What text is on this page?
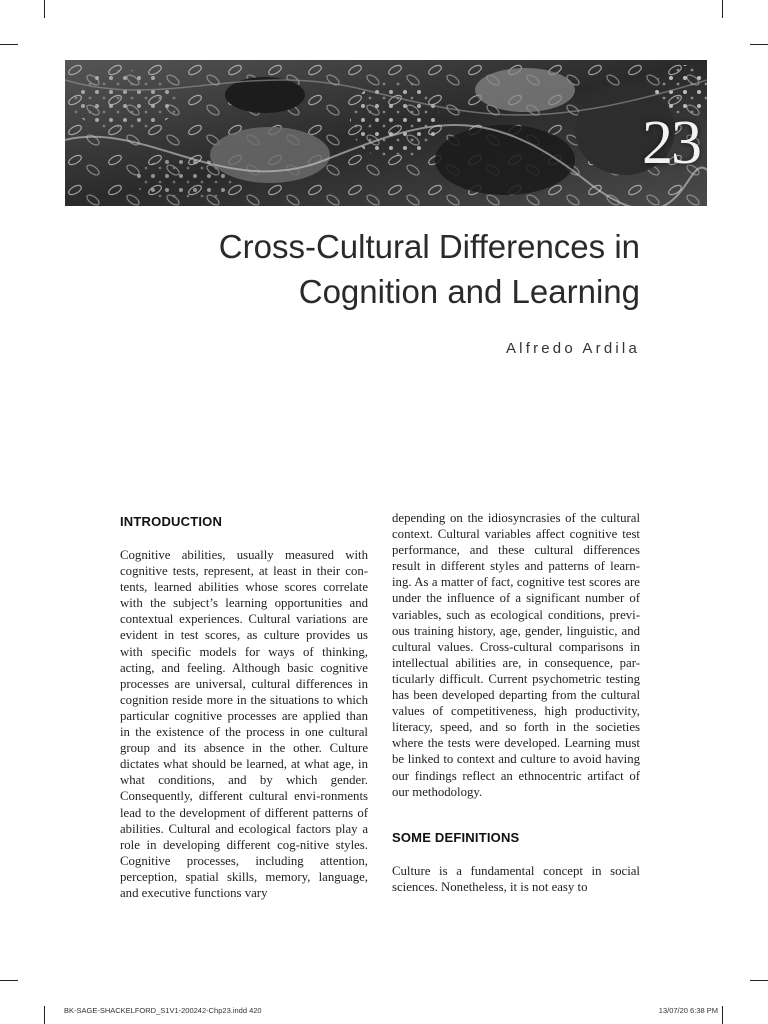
23
Cross-Cultural Differences in
Cognition and Learning
Alfredo Ardila
INTRODUCTION

Cognitive abilities, usually measured with cognitive tests, represent, at least in their con-tents, learned abilities whose scores correlate with the subject’s learning opportunities and contextual experiences. Cultural variations are evident in test scores, as culture provides us with specific models for ways of thinking, acting, and feeling. Although basic cognitive processes are universal, cultural differences in cognition reside more in the situations to which particular cognitive processes are applied than in the existence of the process in one cultural group and its absence in the other. Culture dictates what should be learned, at what age, in what conditions, and by which gender. Consequently, different cultural envi-ronments lead to the development of different patterns of abilities. Cultural and ecological factors play a role in developing different cog-nitive styles. Cognitive processes, including attention, perception, spatial skills, memory, language, and executive functions vary

depending on the idiosyncrasies of the cultural context. Cultural variables affect cognitive test performance, and these cultural differences result in different styles and patterns of learn-ing. As a matter of fact, cognitive test scores are under the influence of a significant number of variables, such as ecological conditions, previ-ous training history, age, gender, linguistic, and cultural values. Cross-cultural comparisons in intellectual abilities are, in consequence, par-ticularly difficult. Current psychometric testing has been developed departing from the cultural values of competitiveness, high productivity, literacy, speed, and so forth in the societies where the tests were developed. Learning must be linked to context and culture to avoid having our findings reflect an ethnocentric artifact of our methodology.

SOME DEFINITIONS

Culture is a fundamental concept in social sciences. Nonetheless, it is not easy to

BK-SAGE-SHACKELFORD_S1V1-200242-Chp23.indd 420	13/07/20 6:38 PM
